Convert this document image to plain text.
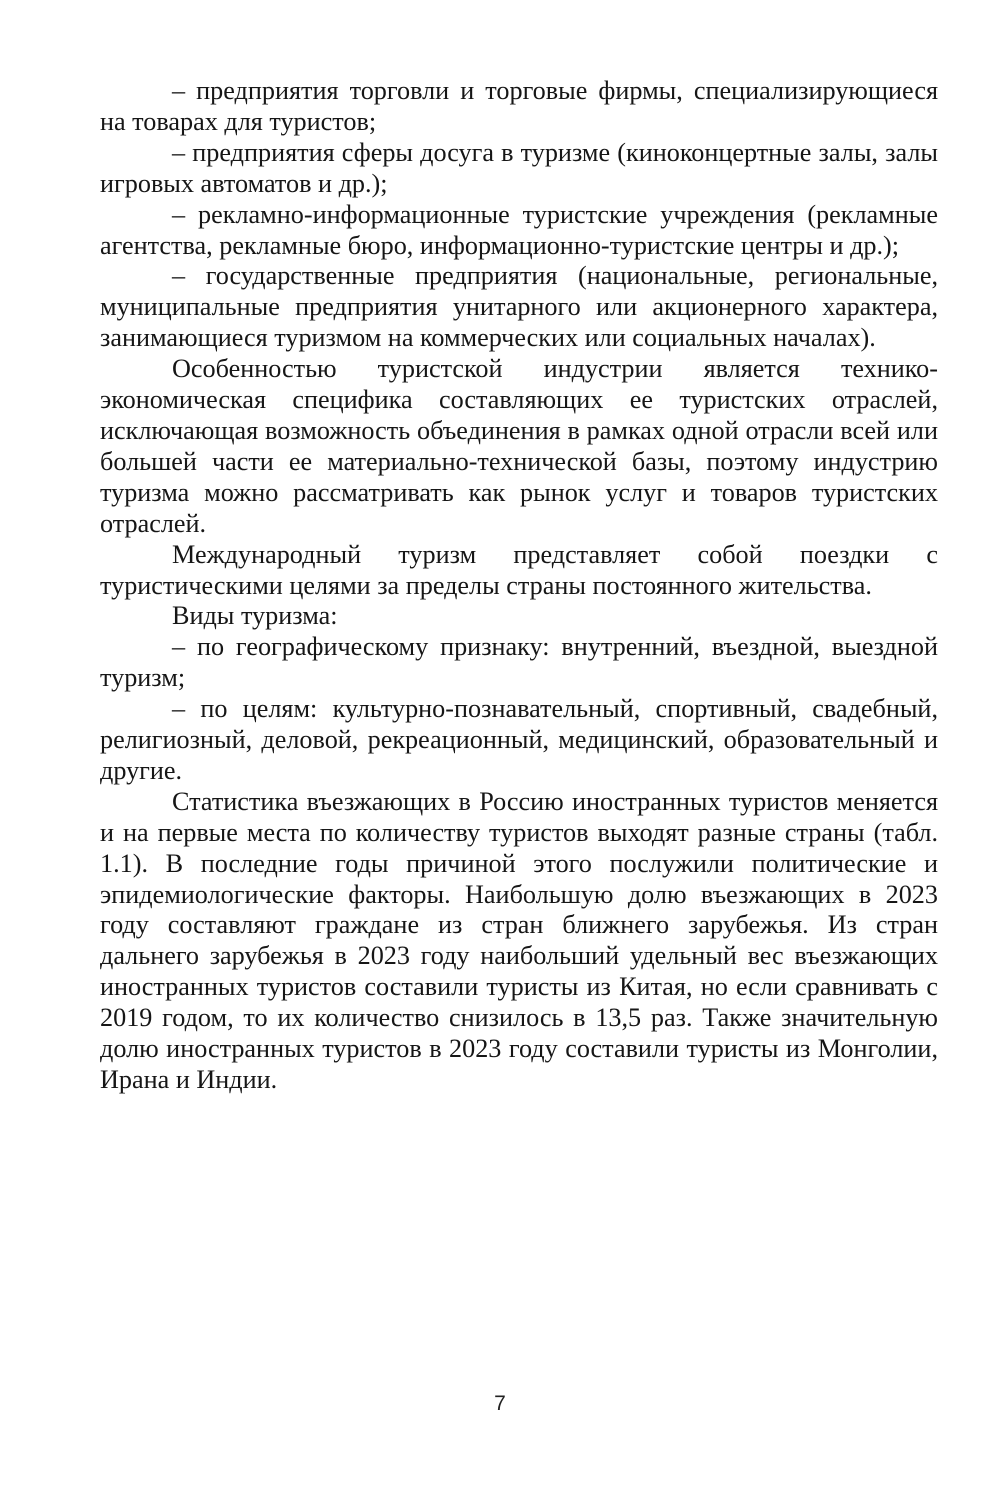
– предприятия торговли и торговые фирмы, специализирующиеся на товарах для туристов;

– предприятия сферы досуга в туризме (киноконцертные залы, залы игровых автоматов и др.);

– рекламно-информационные туристские учреждения (рекламные агентства, рекламные бюро, информационно-туристские центры и др.);

– государственные предприятия (национальные, региональные, муниципальные предприятия унитарного или акционерного характера, занимающиеся туризмом на коммерческих или социальных началах).

Особенностью туристской индустрии является технико-экономическая специфика составляющих ее туристских отраслей, исключающая возможность объединения в рамках одной отрасли всей или большей части ее материально-технической базы, поэтому индустрию туризма можно рассматривать как рынок услуг и товаров туристских отраслей.

Международный туризм представляет собой поездки с туристическими целями за пределы страны постоянного жительства.

Виды туризма:

– по географическому признаку: внутренний, въездной, выездной туризм;

– по целям: культурно-познавательный, спортивный, свадебный, религиозный, деловой, рекреационный, медицинский, образовательный и другие.

Статистика въезжающих в Россию иностранных туристов меняется и на первые места по количеству туристов выходят разные страны (табл. 1.1). В последние годы причиной этого послужили политические и эпидемиологические факторы. Наибольшую долю въезжающих в 2023 году составляют граждане из стран ближнего зарубежья. Из стран дальнего зарубежья в 2023 году наибольший удельный вес въезжающих иностранных туристов составили туристы из Китая, но если сравнивать с 2019 годом, то их количество снизилось в 13,5 раз. Также значительную долю иностранных туристов в 2023 году составили туристы из Монголии, Ирана и Индии.

7
